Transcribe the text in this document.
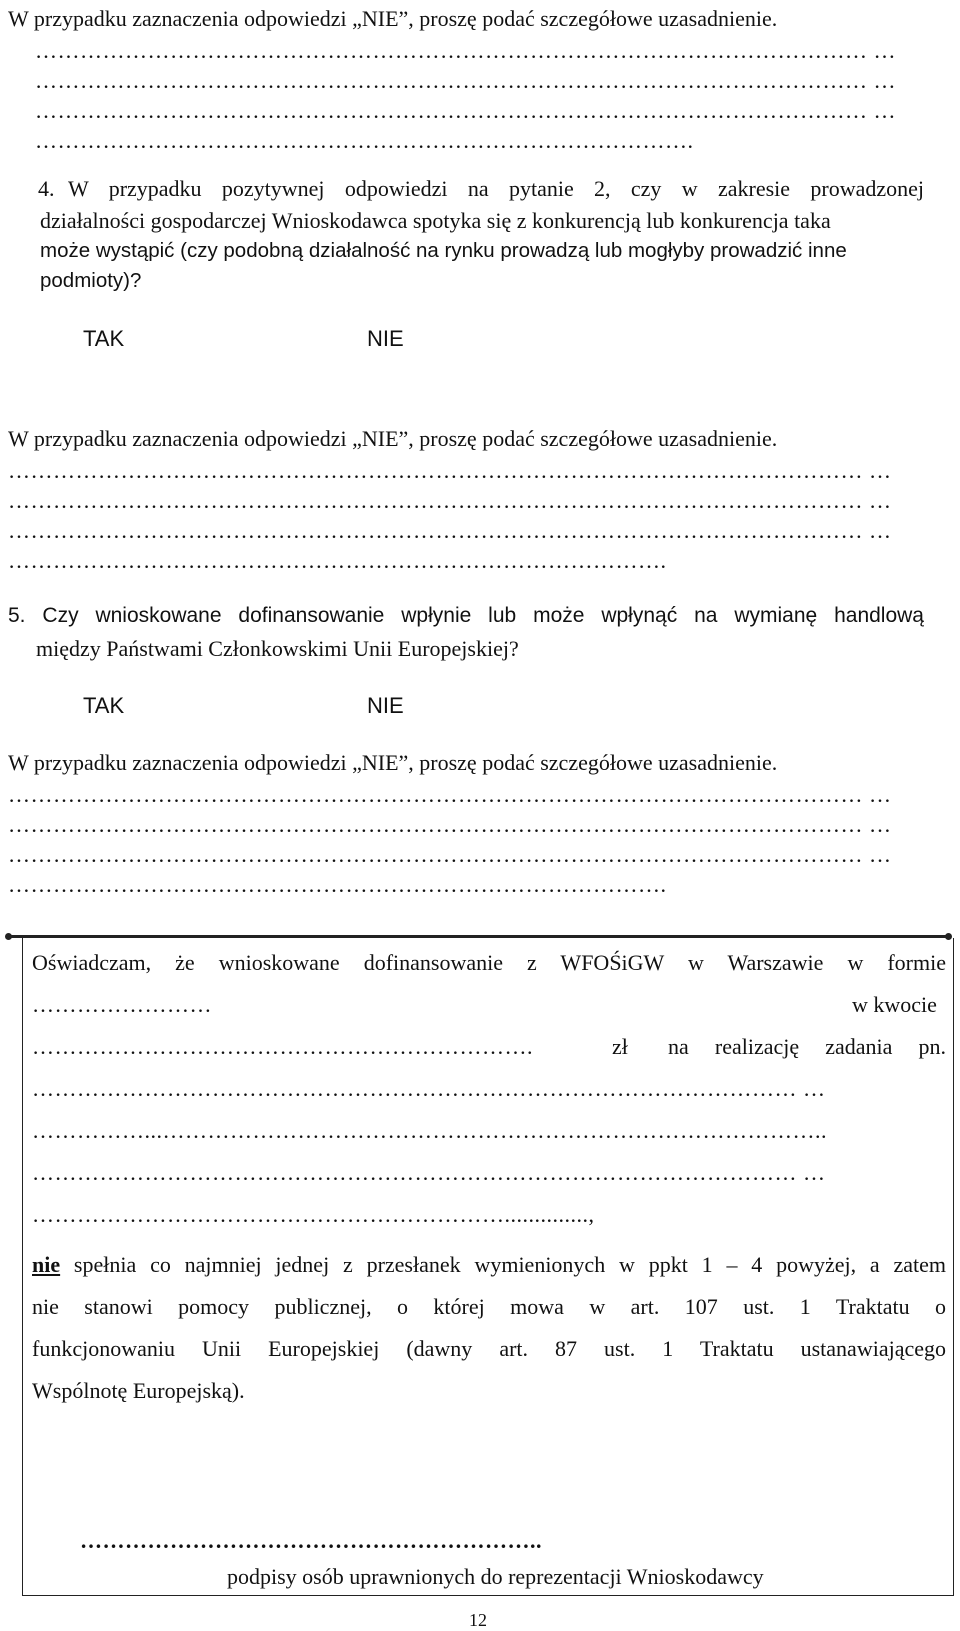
W przypadku zaznaczenia odpowiedzi „NIE”, proszę podać szczegółowe uzasadnienie.
………………………………………………………………………………………………… …
………………………………………………………………………………………………… …
………………………………………………………………………………………………… …
…………………………………………………………………………….
4. W przypadku pozytywnej odpowiedzi na pytanie 2, czy w zakresie prowadzonej
działalności gospodarczej Wnioskodawca spotyka się z konkurencją lub konkurencja taka
może wystąpić (czy podobną działalność na rynku prowadzą lub mogłyby prowadzić inne
podmioty)?
TAK	NIE
W przypadku zaznaczenia odpowiedzi „NIE”, proszę podać szczegółowe uzasadnienie.
…………………………………………………………………………………………………… …
…………………………………………………………………………………………………… …
…………………………………………………………………………………………………… …
…………………………………………………………………………….
5. Czy wnioskowane dofinansowanie wpłynie lub może wpłynąć na wymianę handlową
między Państwami Członkowskimi Unii Europejskiej?
TAK	NIE
W przypadku zaznaczenia odpowiedzi „NIE”, proszę podać szczegółowe uzasadnienie.
…………………………………………………………………………………………………… …
…………………………………………………………………………………………………… …
…………………………………………………………………………………………………… …
…………………………………………………………………………….
Oświadczam, że wnioskowane dofinansowanie z WFOŚiGW w Warszawie w formie
……………………	w kwocie
………………………………………………………….	zł na realizację zadania pn.
………………………………………………………………………………………… …
……………...……………………………………………………………………………..
………………………………………………………………………………………… …
………………………………………………………..............,
nie spełnia co najmniej jednej z przesłanek wymienionych w ppkt 1 – 4 powyżej, a zatem
nie stanowi pomocy publicznej, o której mowa w art. 107 ust. 1 Traktatu o
funkcjonowaniu Unii Europejskiej (dawny art. 87 ust. 1 Traktatu ustanawiającego
Wspólnotę Europejską).
……………………………………………………..
podpisy osób uprawnionych do reprezentacji Wnioskodawcy
12
